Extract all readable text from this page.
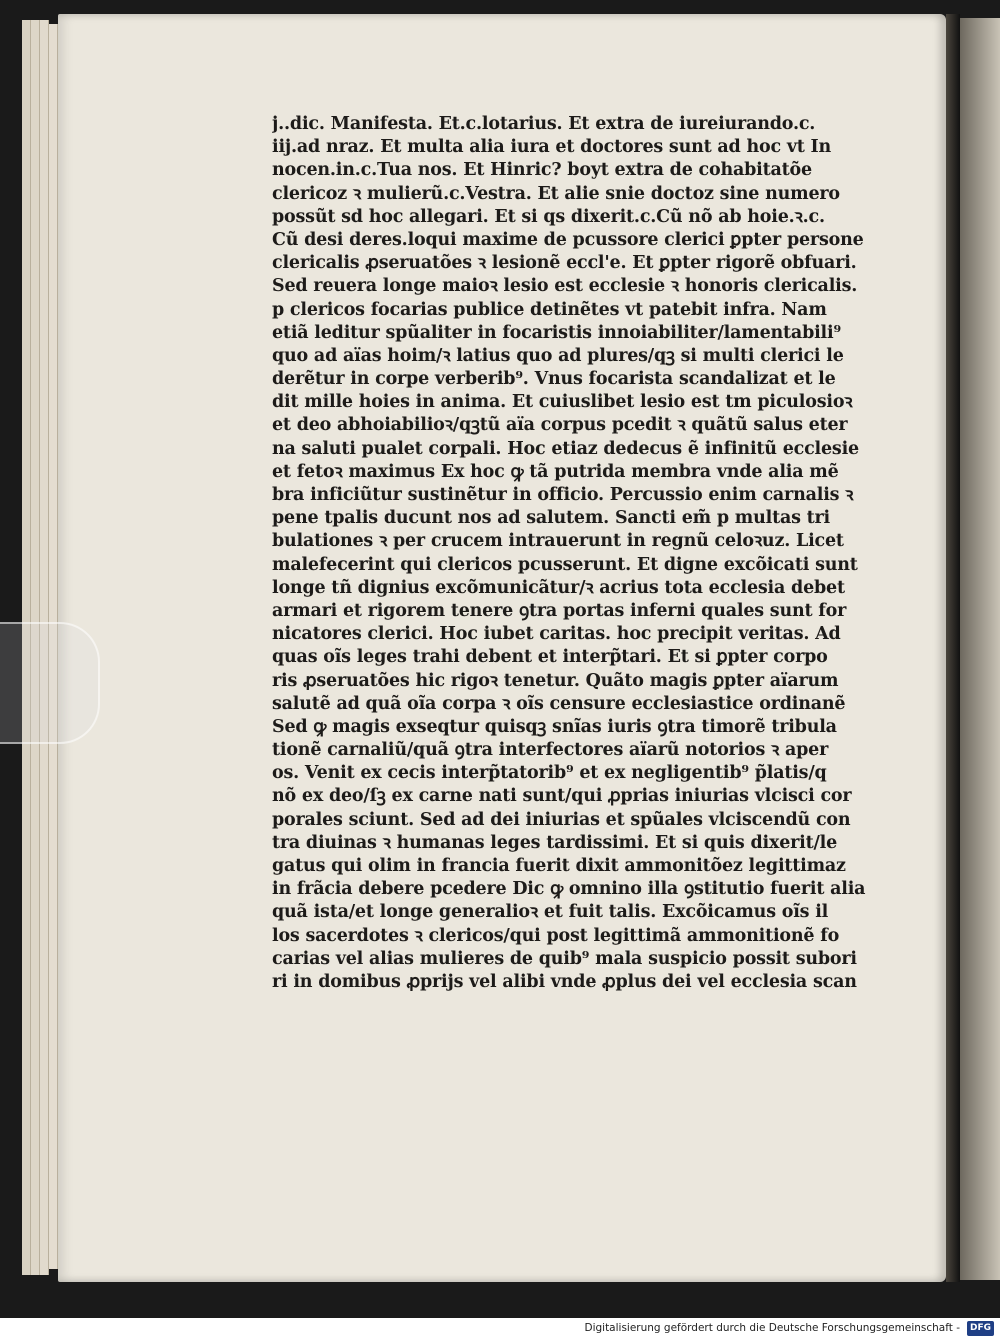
j..dic. Manifesta. Et.c.lotarius. Et extra de iureiurando.c.
iij.ad nraz. Et multa alia iura et doctores sunt ad hoc vt In
nocen.in.c.Tua nos. Et Hinric? boyt extra de cohabitatõe
clericoz ꝛ mulierũ.c.Vestra. Et alie snie doctoz sine numero
possũt sd hoc allegari. Et si qs dixerit.c.Cũ nõ ab hoie.ꝛ.c.
Cũ desi deres.loqui maxime de pcussore clerici ꝑpter persone
clericalis ꝓseruatões ꝛ lesionẽ eccl'e. Et ꝑpter rigorẽ obfuari.
Sed reuera longe maioꝛ lesio est ecclesie ꝛ honoris clericalis.
p clericos focarias publice detinẽtes vt patebit infra. Nam
etiã leditur spũaliter in focaristis innoiabiliter/lamentabili⁹
quo ad aïas hoim/ꝛ latius quo ad plures/qꝫ si multi clerici le
derẽtur in corpe verberib⁹. Vnus focarista scandalizat et le
dit mille hoies in anima. Et cuiuslibet lesio est tm piculosioꝛ
et deo abhoiabilioꝛ/qꝫtũ aïa corpus pcedit ꝛ quãtũ salus eter
na saluti pualet corpali. Hoc etiaz dedecus ẽ infinitũ ecclesie
et fetoꝛ maximus Ex hoc ꝙ tã putrida membra vnde alia mẽ
bra inficiũtur sustinẽtur in officio. Percussio enim carnalis ꝛ
pene tpalis ducunt nos ad salutem. Sancti em̃ p multas tri
bulationes ꝛ per crucem intrauerunt in regnũ celoꝛuz. Licet
malefecerint qui clericos pcusserunt. Et digne excõicati sunt
longe tñ dignius excõmunicãtur/ꝛ acrius tota ecclesia debet
armari et rigorem tenere ꝯtra portas inferni quales sunt for
nicatores clerici. Hoc iubet caritas. hoc precipit veritas. Ad
quas oĩs leges trahi debent et interp̃tari. Et si ꝑpter corpo
ris ꝓseruatões hic rigoꝛ tenetur. Quãto magis ꝑpter aïarum
salutẽ ad quã oĩa corpa ꝛ oĩs censure ecclesiastice ordinanẽ
Sed ꝙ magis exseqtur quisqꝫ snĩas iuris ꝯtra timorẽ tribula
tionẽ carnaliũ/quã ꝯtra interfectores aïarũ notorios ꝛ aper
os. Venit ex cecis interp̃tatorib⁹ et ex negligentib⁹ p̃latis/q
nõ ex deo/ſꝫ ex carne nati sunt/qui ꝓprias iniurias vlcisci cor
porales sciunt. Sed ad dei iniurias et spũales vlciscendũ con
tra diuinas ꝛ humanas leges tardissimi. Et si quis dixerit/le
gatus qui olim in francia fuerit dixit ammonitõez legittimaz
in frãcia debere pcedere Dic ꝙ omnino illa ꝯstitutio fuerit alia
quã ista/et longe generalioꝛ et fuit talis. Excõicamus oĩs il
los sacerdotes ꝛ clericos/qui post legittimã ammonitionẽ fo
carias vel alias mulieres de quib⁹ mala suspicio possit subori
ri in domibus ꝓprijs vel alibi vnde ꝓplus dei vel ecclesia scan
Digitalisierung gefördert durch die Deutsche Forschungsgemeinschaft -	DFG
